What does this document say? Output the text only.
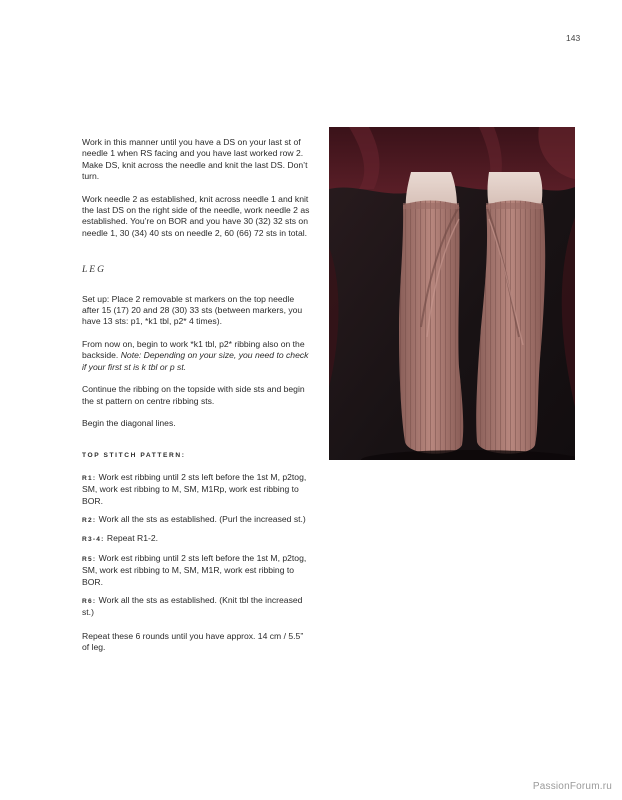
143

Work in this manner until you have a DS on your last st of needle 1 when RS facing and you have last worked row 2. Make DS, knit across the needle and knit the last DS. Don’t turn.

Work needle 2 as established, knit across needle 1 and knit the last DS on the right side of the needle, work needle 2 as established. You’re on BOR and you have 30 (32) 32 sts on needle 1, 30 (34) 40 sts on needle 2, 60 (66) 72 sts in total.

LEG

Set up: Place 2 removable st markers on the top needle after 15 (17) 20 and 28 (30) 33 sts (between markers, you have 13 sts: p1, *k1 tbl, p2* 4 times).

From now on, begin to work *k1 tbl, p2* ribbing also on the backside. Note: Depending on your size, you need to check if your first st is k tbl or p st.

Continue the ribbing on the topside with side sts and begin the st pattern on centre ribbing sts.

Begin the diagonal lines.

TOP STITCH PATTERN:

R1: Work est ribbing until 2 sts left before the 1st M, p2tog, SM, work est ribbing to M, SM, M1Rp, work est ribbing to BOR.

R2: Work all the sts as established. (Purl the increased st.)

R3-4: Repeat R1-2.

R5: Work est ribbing until 2 sts left before the 1st M, p2tog, SM, work est ribbing to M, SM, M1R, work est ribbing to BOR.

R6: Work all the sts as established. (Knit tbl the increased st.)

Repeat these 6 rounds until you have approx. 14 cm / 5.5” of leg.

PassionForum.ru
